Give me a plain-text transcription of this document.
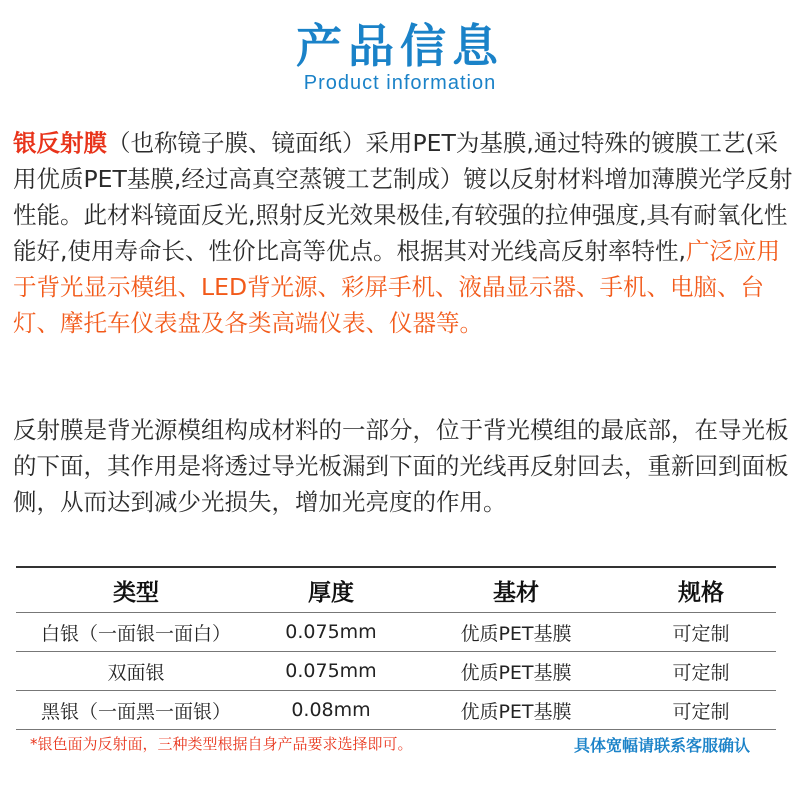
产品信息
Product information
银反射膜（也称镜子膜、镜面纸）采用PET为基膜,通过特殊的镀膜工艺(采用优质PET基膜,经过高真空蒸镀工艺制成）镀以反射材料增加薄膜光学反射性能。此材料镜面反光,照射反光效果极佳,有较强的拉伸强度,具有耐氧化性能好,使用寿命长、性价比高等优点。根据其对光线高反射率特性,广泛应用于背光显示模组、LED背光源、彩屏手机、液晶显示器、手机、电脑、台灯、摩托车仪表盘及各类高端仪表、仪器等。
反射膜是背光源模组构成材料的一部分，位于背光模组的最底部，在导光板的下面，其作用是将透过导光板漏到下面的光线再反射回去，重新回到面板侧，从而达到减少光损失，增加光亮度的作用。
类型	厚度	基材	规格
白银（一面银一面白）	0.075mm	优质PET基膜	可定制
双面银	0.075mm	优质PET基膜	可定制
黑银（一面黑一面银）	0.08mm	优质PET基膜	可定制
*银色面为反射面，三种类型根据自身产品要求选择即可。	具体宽幅请联系客服确认
